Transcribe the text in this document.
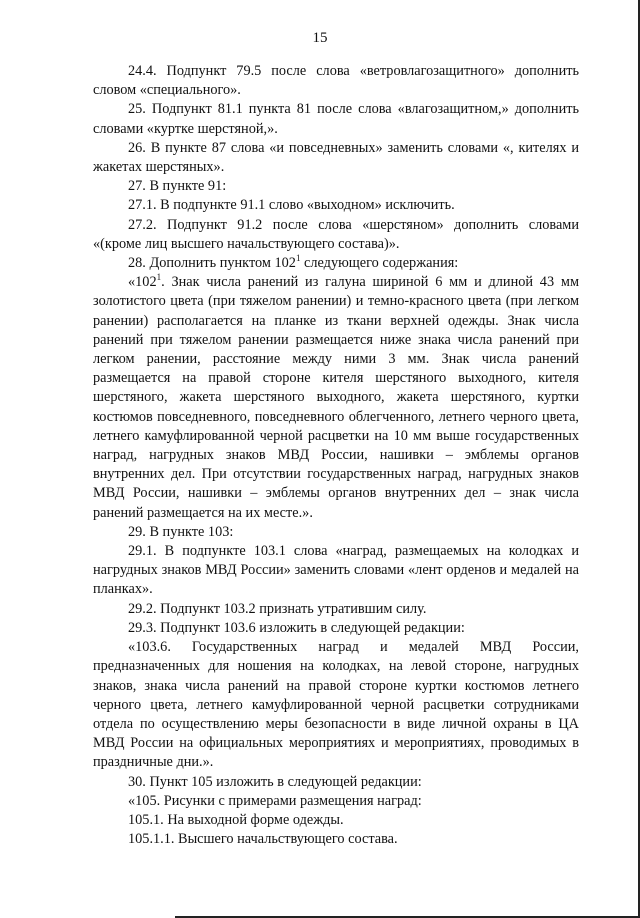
15

24.4. Подпункт 79.5 после слова «ветровлагозащитного» дополнить словом «специального».

25. Подпункт 81.1 пункта 81 после слова «влагозащитном,» дополнить словами «куртке шерстяной,».

26. В пункте 87 слова «и повседневных» заменить словами «, кителях и жакетах шерстяных».

27. В пункте 91:

27.1. В подпункте 91.1 слово «выходном» исключить.

27.2. Подпункт 91.2 после слова «шерстяном» дополнить словами «(кроме лиц высшего начальствующего состава)».

28. Дополнить пунктом $102^1$ следующего содержания:

«$102^1$. Знак числа ранений из галуна шириной 6 мм и длиной 43 мм золотистого цвета (при тяжелом ранении) и темно-красного цвета (при легком ранении) располагается на планке из ткани верхней одежды. Знак числа ранений при тяжелом ранении размещается ниже знака числа ранений при легком ранении, расстояние между ними 3 мм. Знак числа ранений размещается на правой стороне кителя шерстяного выходного, кителя шерстяного, жакета шерстяного выходного, жакета шерстяного, куртки костюмов повседневного, повседневного облегченного, летнего черного цвета, летнего камуфлированной черной расцветки на 10 мм выше государственных наград, нагрудных знаков МВД России, нашивки – эмблемы органов внутренних дел. При отсутствии государственных наград, нагрудных знаков МВД России, нашивки – эмблемы органов внутренних дел – знак числа ранений размещается на их месте.».

29. В пункте 103:

29.1. В подпункте 103.1 слова «наград, размещаемых на колодках и нагрудных знаков МВД России» заменить словами «лент орденов и медалей на планках».

29.2. Подпункт 103.2 признать утратившим силу.

29.3. Подпункт 103.6 изложить в следующей редакции:

«103.6. Государственных наград и медалей МВД России, предназначенных для ношения на колодках, на левой стороне, нагрудных знаков, знака числа ранений на правой стороне куртки костюмов летнего черного цвета, летнего камуфлированной черной расцветки сотрудниками отдела по осуществлению меры безопасности в виде личной охраны в ЦА МВД России на официальных мероприятиях и мероприятиях, проводимых в праздничные дни.».

30. Пункт 105 изложить в следующей редакции:

«105. Рисунки с примерами размещения наград:

105.1. На выходной форме одежды.

105.1.1. Высшего начальствующего состава.
